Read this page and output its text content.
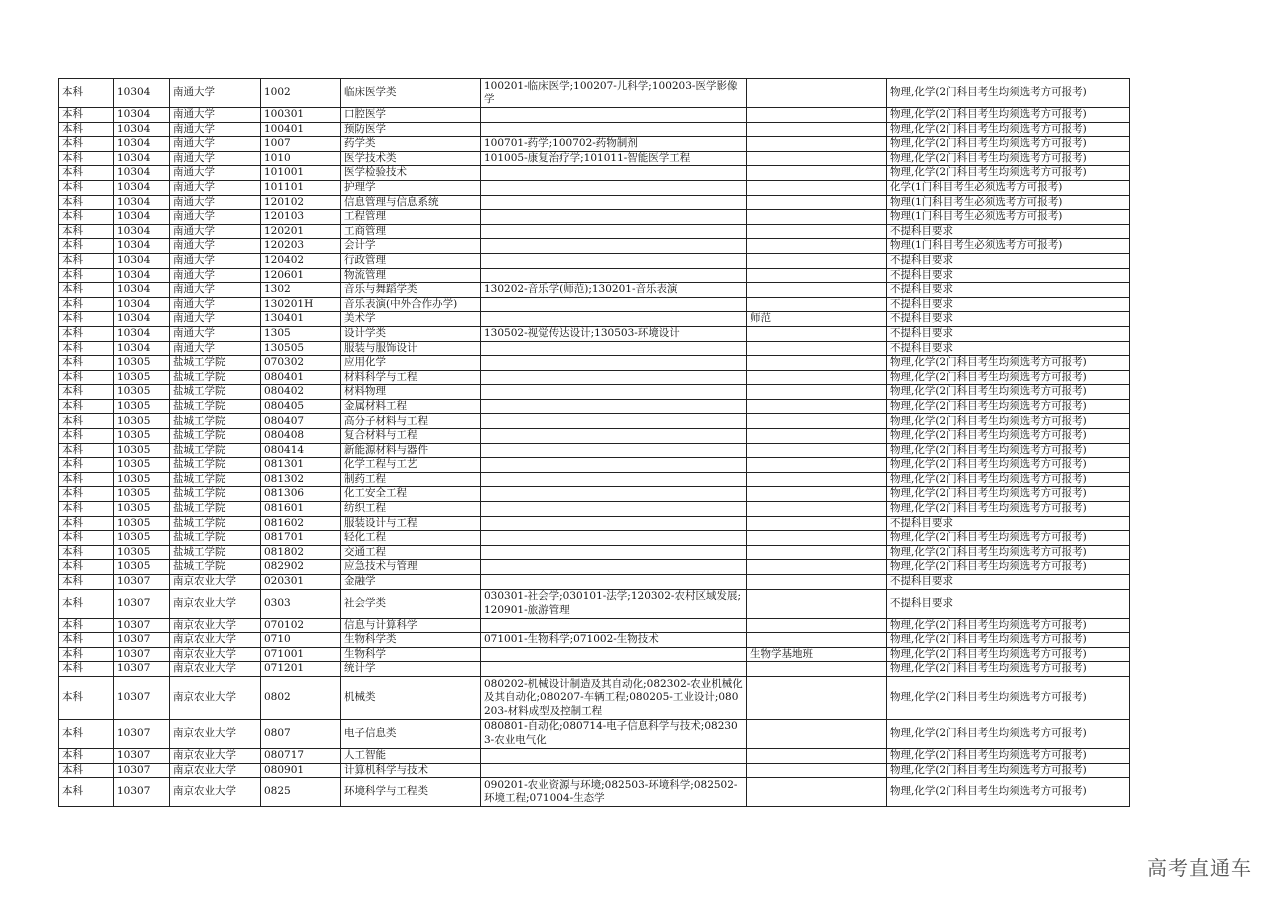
本科	10304	南通大学	1002	临床医学类	100201-临床医学;100207-儿科学;100203-医学影像学		物理,化学(2门科目考生均须选考方可报考)
本科	10304	南通大学	100301	口腔医学			物理,化学(2门科目考生均须选考方可报考)
本科	10304	南通大学	100401	预防医学			物理,化学(2门科目考生均须选考方可报考)
本科	10304	南通大学	1007	药学类	100701-药学;100702-药物制剂		物理,化学(2门科目考生均须选考方可报考)
本科	10304	南通大学	1010	医学技术类	101005-康复治疗学;101011-智能医学工程		物理,化学(2门科目考生均须选考方可报考)
本科	10304	南通大学	101001	医学检验技术			物理,化学(2门科目考生均须选考方可报考)
本科	10304	南通大学	101101	护理学			化学(1门科目考生必须选考方可报考)
本科	10304	南通大学	120102	信息管理与信息系统			物理(1门科目考生必须选考方可报考)
本科	10304	南通大学	120103	工程管理			物理(1门科目考生必须选考方可报考)
本科	10304	南通大学	120201	工商管理			不提科目要求
本科	10304	南通大学	120203	会计学			物理(1门科目考生必须选考方可报考)
本科	10304	南通大学	120402	行政管理			不提科目要求
本科	10304	南通大学	120601	物流管理			不提科目要求
本科	10304	南通大学	1302	音乐与舞蹈学类	130202-音乐学(师范);130201-音乐表演		不提科目要求
本科	10304	南通大学	130201H	音乐表演(中外合作办学)			不提科目要求
本科	10304	南通大学	130401	美术学		师范	不提科目要求
本科	10304	南通大学	1305	设计学类	130502-视觉传达设计;130503-环境设计		不提科目要求
本科	10304	南通大学	130505	服装与服饰设计			不提科目要求
本科	10305	盐城工学院	070302	应用化学			物理,化学(2门科目考生均须选考方可报考)
本科	10305	盐城工学院	080401	材料科学与工程			物理,化学(2门科目考生均须选考方可报考)
本科	10305	盐城工学院	080402	材料物理			物理,化学(2门科目考生均须选考方可报考)
本科	10305	盐城工学院	080405	金属材料工程			物理,化学(2门科目考生均须选考方可报考)
本科	10305	盐城工学院	080407	高分子材料与工程			物理,化学(2门科目考生均须选考方可报考)
本科	10305	盐城工学院	080408	复合材料与工程			物理,化学(2门科目考生均须选考方可报考)
本科	10305	盐城工学院	080414	新能源材料与器件			物理,化学(2门科目考生均须选考方可报考)
本科	10305	盐城工学院	081301	化学工程与工艺			物理,化学(2门科目考生均须选考方可报考)
本科	10305	盐城工学院	081302	制药工程			物理,化学(2门科目考生均须选考方可报考)
本科	10305	盐城工学院	081306	化工安全工程			物理,化学(2门科目考生均须选考方可报考)
本科	10305	盐城工学院	081601	纺织工程			物理,化学(2门科目考生均须选考方可报考)
本科	10305	盐城工学院	081602	服装设计与工程			不提科目要求
本科	10305	盐城工学院	081701	轻化工程			物理,化学(2门科目考生均须选考方可报考)
本科	10305	盐城工学院	081802	交通工程			物理,化学(2门科目考生均须选考方可报考)
本科	10305	盐城工学院	082902	应急技术与管理			物理,化学(2门科目考生均须选考方可报考)
本科	10307	南京农业大学	020301	金融学			不提科目要求
本科	10307	南京农业大学	0303	社会学类	030301-社会学;030101-法学;120302-农村区域发展;120901-旅游管理		不提科目要求
本科	10307	南京农业大学	070102	信息与计算科学			物理,化学(2门科目考生均须选考方可报考)
本科	10307	南京农业大学	0710	生物科学类	071001-生物科学;071002-生物技术		物理,化学(2门科目考生均须选考方可报考)
本科	10307	南京农业大学	071001	生物科学		生物学基地班	物理,化学(2门科目考生均须选考方可报考)
本科	10307	南京农业大学	071201	统计学			物理,化学(2门科目考生均须选考方可报考)
本科	10307	南京农业大学	0802	机械类	080202-机械设计制造及其自动化;082302-农业机械化及其自动化;080207-车辆工程;080205-工业设计;080203-材料成型及控制工程		物理,化学(2门科目考生均须选考方可报考)
本科	10307	南京农业大学	0807	电子信息类	080801-自动化;080714-电子信息科学与技术;082303-农业电气化		物理,化学(2门科目考生均须选考方可报考)
本科	10307	南京农业大学	080717	人工智能			物理,化学(2门科目考生均须选考方可报考)
本科	10307	南京农业大学	080901	计算机科学与技术			物理,化学(2门科目考生均须选考方可报考)
本科	10307	南京农业大学	0825	环境科学与工程类	090201-农业资源与环境;082503-环境科学;082502-环境工程;071004-生态学		物理,化学(2门科目考生均须选考方可报考)
高考直通车
